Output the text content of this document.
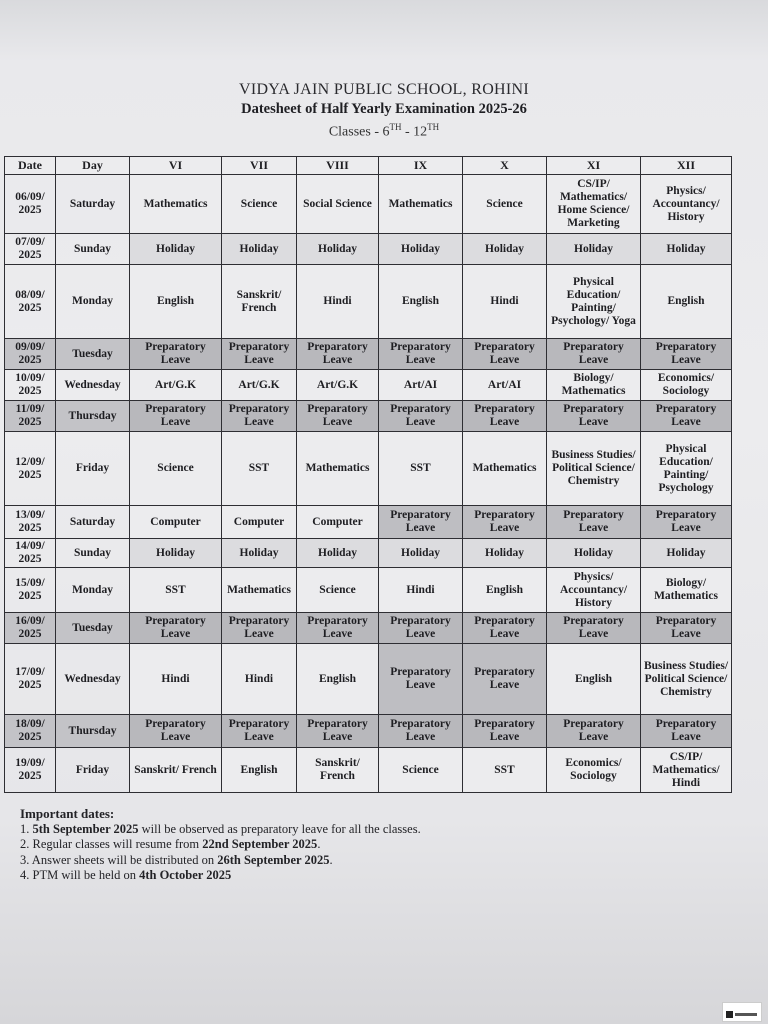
VIDYA JAIN PUBLIC SCHOOL, ROHINI
Datesheet of Half Yearly Examination 2025-26
Classes - 6TH - 12TH
Date	Day	VI	VII	VIII	IX	X	XI	XII
06/09/ 2025	Saturday	Mathematics	Science	Social Science	Mathematics	Science	CS/IP/ Mathematics/ Home Science/ Marketing	Physics/ Accountancy/ History
07/09/ 2025	Sunday	Holiday	Holiday	Holiday	Holiday	Holiday	Holiday	Holiday
08/09/ 2025	Monday	English	Sanskrit/ French	Hindi	English	Hindi	Physical Education/ Painting/ Psychology/ Yoga	English
09/09/ 2025	Tuesday	Preparatory Leave	Preparatory Leave	Preparatory Leave	Preparatory Leave	Preparatory Leave	Preparatory Leave	Preparatory Leave
10/09/ 2025	Wednesday	Art/G.K	Art/G.K	Art/G.K	Art/AI	Art/AI	Biology/ Mathematics	Economics/ Sociology
11/09/ 2025	Thursday	Preparatory Leave	Preparatory Leave	Preparatory Leave	Preparatory Leave	Preparatory Leave	Preparatory Leave	Preparatory Leave
12/09/ 2025	Friday	Science	SST	Mathematics	SST	Mathematics	Business Studies/ Political Science/ Chemistry	Physical Education/ Painting/ Psychology
13/09/ 2025	Saturday	Computer	Computer	Computer	Preparatory Leave	Preparatory Leave	Preparatory Leave	Preparatory Leave
14/09/ 2025	Sunday	Holiday	Holiday	Holiday	Holiday	Holiday	Holiday	Holiday
15/09/ 2025	Monday	SST	Mathematics	Science	Hindi	English	Physics/ Accountancy/ History	Biology/ Mathematics
16/09/ 2025	Tuesday	Preparatory Leave	Preparatory Leave	Preparatory Leave	Preparatory Leave	Preparatory Leave	Preparatory Leave	Preparatory Leave
17/09/ 2025	Wednesday	Hindi	Hindi	English	Preparatory Leave	Preparatory Leave	English	Business Studies/ Political Science/ Chemistry
18/09/ 2025	Thursday	Preparatory Leave	Preparatory Leave	Preparatory Leave	Preparatory Leave	Preparatory Leave	Preparatory Leave	Preparatory Leave
19/09/ 2025	Friday	Sanskrit/ French	English	Sanskrit/ French	Science	SST	Economics/ Sociology	CS/IP/ Mathematics/ Hindi
Important dates:
1. 5th September 2025 will be observed as preparatory leave for all the classes.
2. Regular classes will resume from 22nd September 2025.
3. Answer sheets will be distributed on 26th September 2025.
4. PTM will be held on 4th October 2025
